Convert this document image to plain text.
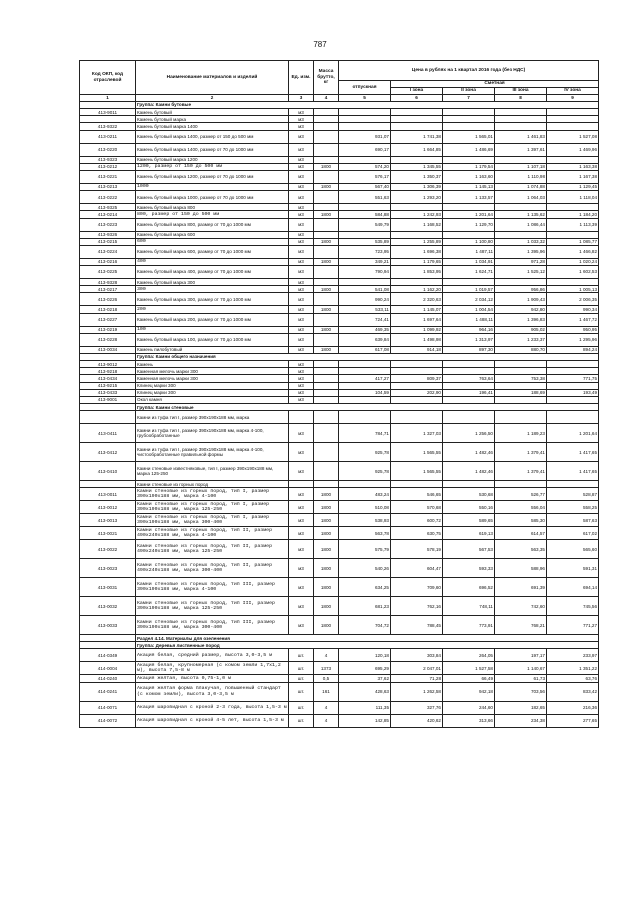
787
Код ОКП, код отраслевой	Наименование материалов и изделий	Ед. изм.	Масса брутто, кг	Цена в рублях на 1 квартал 2016 года (без НДС)				
				отпускная	Сметная			
					I зона	II зона	III зона	IV зона
1	2	3	4	5	6	7	8	9
	Группа: Камни бутовые							
413-9011	Камень бутовый	м3						
	Камень бутовый марка	м3						
413-9322	Камень бутовый марка 1400	м3						
413-0211	Камень бутовый марка 1400, размер от 150 до 500 мм	м3		931,07	1 741,38	1 565,01	1 461,83	1 527,08
413-0220	Камень бутовый марка 1400, размер от 70 до 1000 мм	м3		690,17	1 664,85	1 486,69	1 397,61	1 469,96
413-9323	Камень бутовый марка 1200	м3						
413-0212	1200, размер от 150 до 500 мм	м3	1800	574,20	1 345,55	1 179,54	1 107,18	1 163,38
413-0221	Камень бутовый марка 1200, размер от 70 до 1000 мм	м3		576,17	1 350,37	1 163,60	1 110,98	1 167,38
413-0213	1000	м3	1800	567,40	1 306,39	1 145,13	1 074,88	1 129,45
413-0222	Камень бутовый марка 1000, размер от 70 до 1000 мм	м3		551,63	1 293,20	1 133,57	1 064,03	1 118,04
413-9325	Камень бутовый марка 800	м3						
413-0214	800, размер от 150 до 500 мм	м3	1800	584,88	1 242,93	1 201,64	1 135,62	1 184,20
413-0223	Камень бутовый марка 800, размер от 70 до 1000 мм	м3		549,79	1 168,52	1 129,70	1 086,44	1 113,39
413-9326	Камень бутовый марка 600	м3						
413-0215	600	м3	1800	535,89	1 255,89	1 100,80	1 033,32	1 085,77
413-0224	Камень бутовый марка 600, размер от 70 до 1000 мм	м3		723,95	1 696,38	1 487,11	1 395,96	1 466,82
413-0216	400	м3	1800	349,21	1 179,65	1 034,91	971,28	1 020,24
413-0225	Камень бутовый марка 400, размер от 70 до 1000 мм	м3		790,94	1 853,95	1 624,71	1 525,12	1 602,53
413-9328	Камень бутовый марка 300	м3						
413-0217	300	м3	1800	541,08	1 162,20	1 019,57	956,86	1 005,13
413-0226	Камень бутовый марка 300, размер от 70 до 1000 мм	м3		990,24	2 320,63	2 034,12	1 909,43	2 006,35
413-0218	200	м3	1800	533,11	1 145,07	1 004,54	942,80	990,34
413-0227	Камень бутовый марка 200, размер от 70 до 1000 мм	м3		724,41	1 697,64	1 488,11	1 396,83	1 467,72
413-0219	100	м3	1800	469,35	1 099,92	964,16	905,02	950,95
413-0228	Камень бутовый марка 100, размер от 70 до 1000 мм	м3		639,84	1 498,98	1 313,97	1 233,37	1 295,96
413-0034	Камень пилобутовый	м3	1800	617,08	914,18	897,30	880,70	894,24
	Группа: Камни общего назначения							
413-9012	Камень	м3						
413-9218	Каменная мелочь марки 300	м3						
413-0434	Каменная мелочь марки 300	м3		417,27	809,37	763,64	753,38	771,75
413-9215	Клинец марки 300	м3						
413-0433	Клинец марки 300	м3		104,59	202,90	196,41	188,69	193,49
413-9001	Окол камня	м3						
	Группа: Камни стеновые							
	Камни из туфа тип I, размер 390х190х188 мм, марка							
413-0411	Камни из туфа тип I, размер 390х190х188 мм, марка 4-100, грубообработанные	м3		784,71	1 327,03	1 256,50	1 189,23	1 201,64
413-0412	Камни из туфа тип I, размер 390х190х188 мм, марка 4-100, чистообработанные правильной формы	м3		925,78	1 565,55	1 482,46	1 379,41	1 417,65
413-0410	Камни стеновые известняковые, тип I, размер 390х190х188 мм, марка 125-250	м3		925,78	1 565,55	1 482,46	1 379,41	1 417,65
	Камни стеновые из горных пород							
413-0011	Камни стеновые из горных пород, тип I, размер 390х190х188 мм, марка 4-100	м3	1800	483,24	546,65	530,68	526,77	528,87
413-0012	Камни стеновые из горных пород, тип I, размер 390х190х188 мм, марка 125-250	м3	1800	510,08	570,68	550,16	556,04	558,25
413-0013	Камни стеновые из горных пород, тип I, размер 390х190х188 мм, марка 300-400	м3	1800	538,93	600,72	589,65	585,30	587,63
413-0021	Камни стеновые из горных пород, тип II, размер 490х240х188 мм, марка 4-100	м3	1800	563,78	630,75	619,13	614,57	617,02
413-0022	Камни стеновые из горных пород, тип II, размер 490х240х188 мм, марка 125-250	м3	1800	575,79	578,19	567,53	563,35	565,60
413-0023	Камни стеновые из горных пород, тип II, размер 490х240х188 мм, марка 300-400	м3	1800	540,26	604,47	593,33	588,96	591,31
413-0031	Камни стеновые из горных пород, тип III, размер 390х190х188 мм, марка 4-100	м3	1800	634,25	709,60	696,52	691,39	694,14
413-0032	Камни стеновые из горных пород, тип III, размер 390х190х188 мм, марка 125-250	м3	1800	681,23	762,16	748,11	742,60	745,56
413-0033	Камни стеновые из горных пород, тип III, размер 390х190х188 мм, марка 300-400	м3	1800	704,72	788,45	773,91	768,21	771,27
	Раздел 4.14. Материалы для озеленения							
	Группа: Деревья лиственные пород							
414-0349	Акация белая, средний размер, высота 3,0-3,5 м	шт.	4	120,18	303,84	264,05	197,17	233,97
414-0004	Акация белая, крупномерная (с комом земли 1,7х1,2 м), высота 7,5-8 м	шт.	1373	695,29	2 047,01	1 527,58	1 140,67	1 351,22
414-0240	Акация желтая, высота 0,75-1,0 м	шт.	0,5	37,62	71,28	66,49	61,73	63,76
414-0241	Акация желтая форма плакучая, повышенный стандарт (с комом земли), высота 3,0-3,5 м	шт.	161	428,63	1 262,58	942,18	703,56	833,42
414-0071	Акация шаровидная с кроной 2-3 года, высота 1,5-3 м	шт.	4	111,35	327,76	244,60	182,65	216,36
414-0072	Акация шаровидная с кроной 4-5 лет, высота 1,5-3 м	шт.	4	142,85	420,62	313,66	234,38	277,65
